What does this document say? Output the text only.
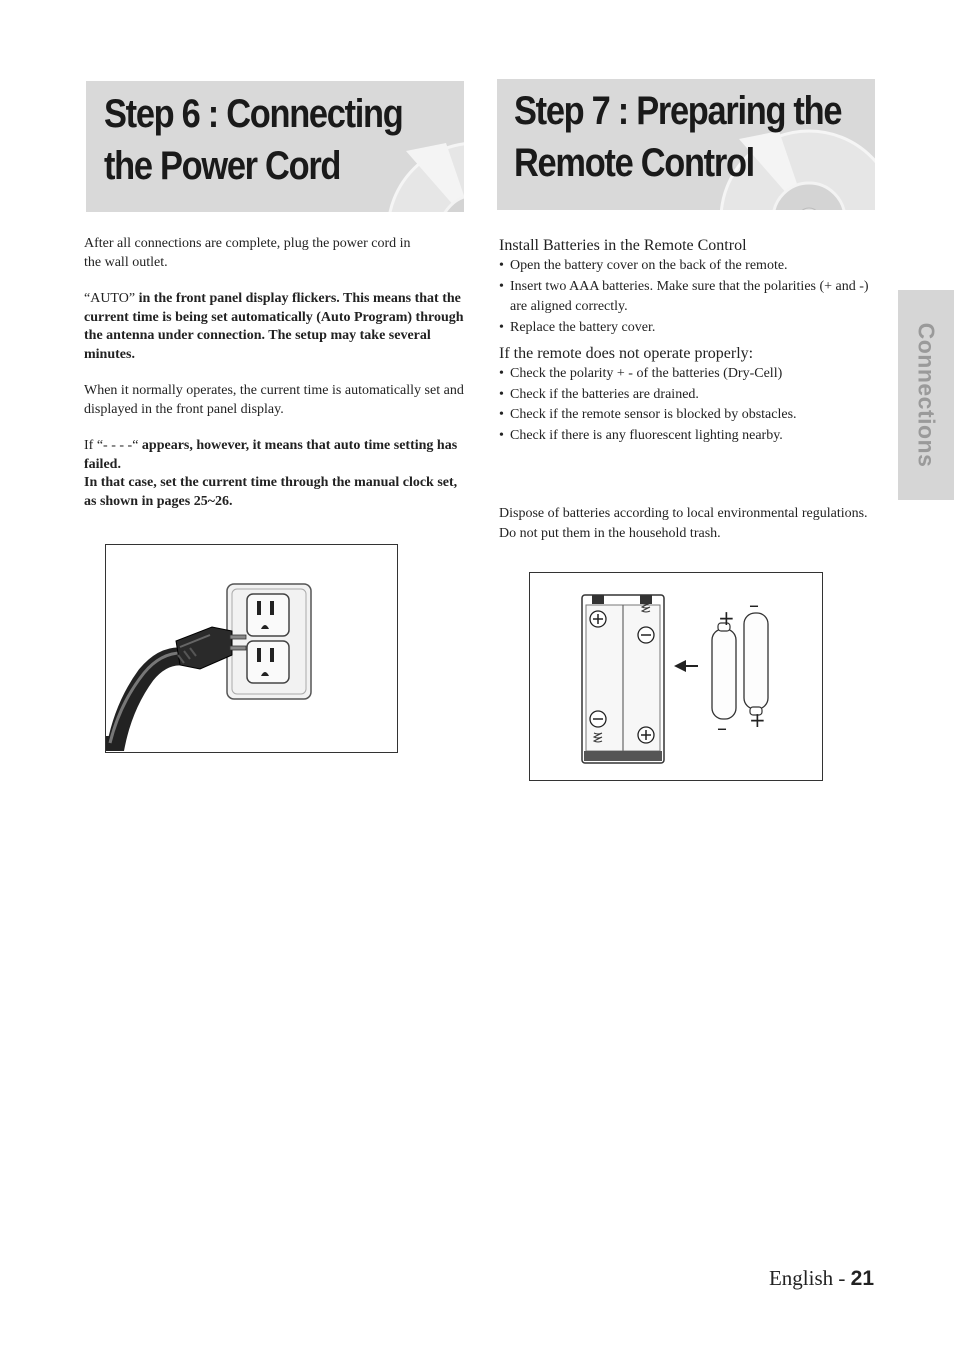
Step 6 : Connecting
the Power Cord
Step 7 : Preparing the
Remote Control

After all connections are complete, plug the power cord in the wall outlet.

“AUTO” in the front panel display flickers. This means that the current time is being set automatically (Auto Program) through the antenna under connection. The setup may take several minutes.

When it normally operates, the current time is automatically set and displayed in the front panel display.

If “- - - -“ appears, however, it means that auto time setting has failed.

In that case, set the current time through the manual clock set, as shown in pages 25~26.

Install Batteries in the Remote Control

• Open the battery cover on the back of the remote.
• Insert two AAA batteries. Make sure that the polarities (+ and -) are aligned correctly.
• Replace the battery cover.

If the remote does not operate properly:

• Check the polarity + - of the batteries (Dry-Cell)
• Check if the batteries are drained.
• Check if the remote sensor is blocked by obstacles.
• Check if there is any fluorescent lighting nearby.

Dispose of batteries according to local environmental regulations. Do not put them in the household trash.

+
–
–
+
Connections
English - 21
